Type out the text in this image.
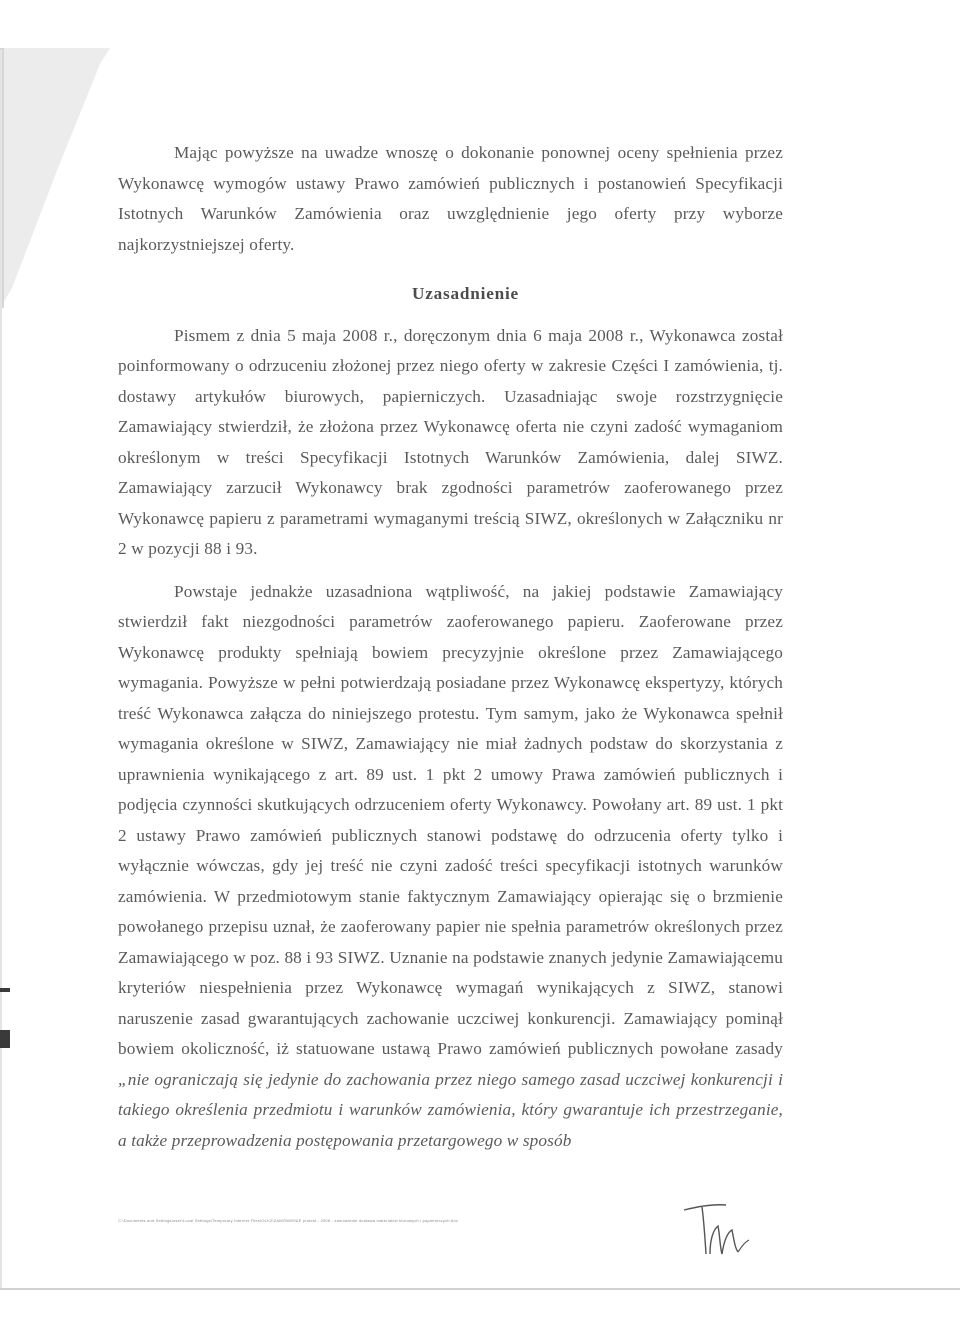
Mając powyższe na uwadze wnoszę o dokonanie ponownej oceny spełnienia przez Wykonawcę wymogów ustawy Prawo zamówień publicznych i postanowień Specyfikacji Istotnych Warunków Zamówienia oraz uwzględnienie jego oferty przy wyborze najkorzystniejszej oferty.

Uzasadnienie

Pismem z dnia 5 maja 2008 r., doręczonym dnia 6 maja 2008 r., Wykonawca został poinformowany o odrzuceniu złożonej przez niego oferty w zakresie Części I zamówienia, tj. dostawy artykułów biurowych, papierniczych. Uzasadniając swoje rozstrzygnięcie Zamawiający stwierdził, że złożona przez Wykonawcę oferta nie czyni zadość wymaganiom określonym w treści Specyfikacji Istotnych Warunków Zamówienia, dalej SIWZ. Zamawiający zarzucił Wykonawcy brak zgodności parametrów zaoferowanego przez Wykonawcę papieru z parametrami wymaganymi treścią SIWZ, określonych w Załączniku nr 2 w pozycji 88 i 93.

Powstaje jednakże uzasadniona wątpliwość, na jakiej podstawie Zamawiający stwierdził fakt niezgodności parametrów zaoferowanego papieru. Zaoferowane przez Wykonawcę produkty spełniają bowiem precyzyjnie określone przez Zamawiającego wymagania. Powyższe w pełni potwierdzają posiadane przez Wykonawcę ekspertyzy, których treść Wykonawca załącza do niniejszego protestu. Tym samym, jako że Wykonawca spełnił wymagania określone w SIWZ, Zamawiający nie miał żadnych podstaw do skorzystania z uprawnienia wynikającego z art. 89 ust. 1 pkt 2 umowy Prawa zamówień publicznych i podjęcia czynności skutkujących odrzuceniem oferty Wykonawcy. Powołany art. 89 ust. 1 pkt 2 ustawy Prawo zamówień publicznych stanowi podstawę do odrzucenia oferty tylko i wyłącznie wówczas, gdy jej treść nie czyni zadość treści specyfikacji istotnych warunków zamówienia. W przedmiotowym stanie faktycznym Zamawiający opierając się o brzmienie powołanego przepisu uznał, że zaoferowany papier nie spełnia parametrów określonych przez Zamawiającego w poz. 88 i 93 SIWZ. Uznanie na podstawie znanych jedynie Zamawiającemu kryteriów niespełnienia przez Wykonawcę wymagań wynikających z SIWZ, stanowi naruszenie zasad gwarantujących zachowanie uczciwej konkurencji. Zamawiający pominął bowiem okoliczność, iż statuowane ustawą Prawo zamówień publicznych powołane zasady „nie ograniczają się jedynie do zachowania przez niego samego zasad uczciwej konkurencji i takiego określenia przedmiotu i warunków zamówienia, który gwarantuje ich przestrzeganie, a także przeprowadzenia postępowania przetargowego w sposób

C:\Documents and Settings\user\Local Settings\Temporary Internet Files\OLK2\ZAMÓWIENIE protest - 2008 - zamówienie dostawa materiałów biurowych i papierniczych.doc
